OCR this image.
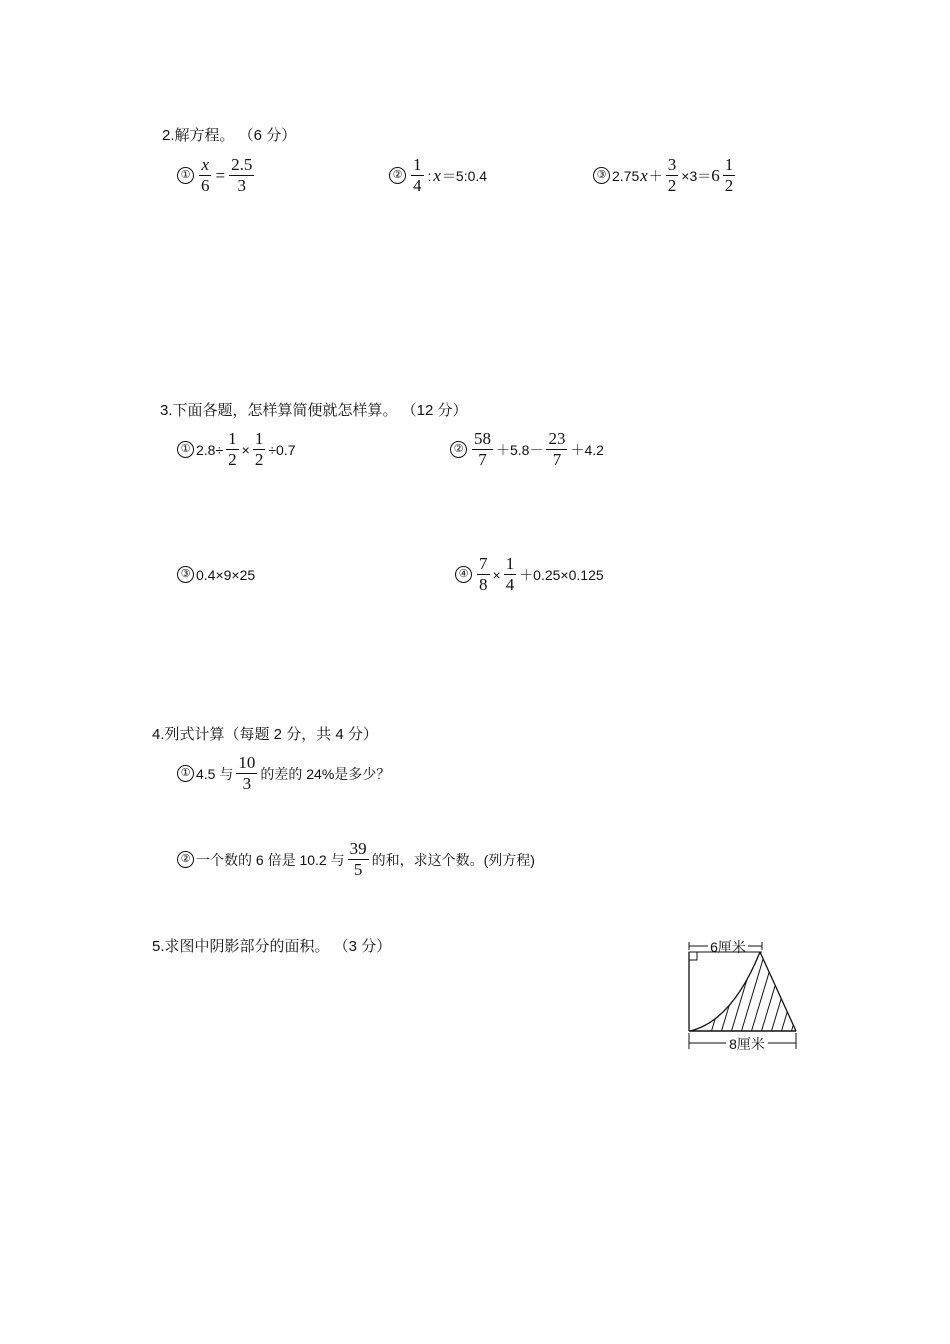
2.解方程。 （6 分）
① $\frac{x}{6} = \frac{2.5}{3}$	② $\frac{1}{4}$ : x ＝5:0.4	③ 2.75 $x + \frac{3}{2} \times 3= 6 \frac{1}{2}$
3.下面各题，怎样算简便就怎样算。 （12 分）
① $2.8\div \frac{1}{2} \times \frac{1}{2} \div 0.7$	② $\frac{58}{7} +5.8- \frac{23}{7} +4.2$
③ 0.4×9×25	④ $\frac{7}{8} \times \frac{1}{4} +0.25\times 0.125$
4.列式计算（每题 2 分，共 4 分）
① 4.5 与 $\frac{10}{3}$ 的差的 24%是多少？
② 一个数的 6 倍是 10.2 与 $\frac{39}{5}$ 的和，求这个数。(列方程)
5.求图中阴影部分的面积。 （3 分）	6厘米
8厘米
